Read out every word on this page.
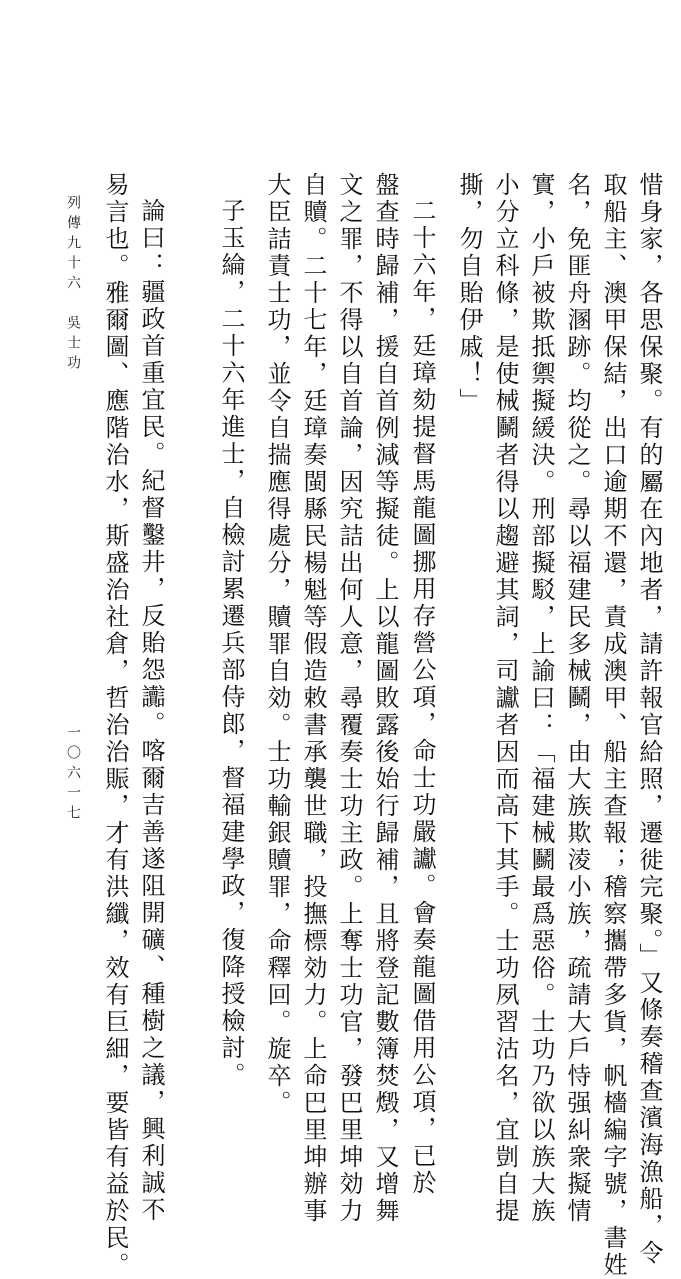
惜身家，各思保聚。有的屬在內地者，請許報官給照，遷徙完聚。」又條奏稽查濱海漁船，令
取船主、澳甲保結，出口逾期不還，責成澳甲、船主查報；稽察攜帶多貨，帆檣編字號，書姓
名，免匪舟溷跡。均從之。尋以福建民多械鬭，由大族欺淩小族，疏請大戶恃强糾衆擬情
實，小戶被欺抵禦擬緩決。刑部擬駁，上諭曰：「福建械鬭最爲惡俗。士功乃欲以族大族
小分立科條，是使械鬭者得以趨避其詞，司讞者因而高下其手。士功夙習沽名，宜剴自提
撕，勿自貽伊戚！」
二十六年，廷璋劾提督馬龍圖挪用存營公項，命士功嚴讞。會奏龍圖借用公項，已於
盤查時歸補，援自首例減等擬徒。上以龍圖敗露後始行歸補，且將登記數簿焚燬，又增舞
文之罪，不得以自首論，因究詰出何人意，尋覆奏士功主政。上奪士功官，發巴里坤効力
自贖。二十七年，廷璋奏閩縣民楊魁等假造敕書承襲世職，投撫標効力。上命巴里坤辦事
大臣詰責士功，並令自揣應得處分，贖罪自効。士功輸銀贖罪，命釋回。旋卒。
子玉綸，二十六年進士，自檢討累遷兵部侍郎，督福建學政，復降授檢討。
論曰：疆政首重宜民。紀督鑿井，反貽怨讟。喀爾吉善遂阻開礦、種樹之議，興利誠不
易言也。雅爾圖、應階治水，斯盛治社倉，哲治治賑，才有洪纖，效有巨細，要皆有益於民。
列傳九十六　吳士功
一〇六一七
